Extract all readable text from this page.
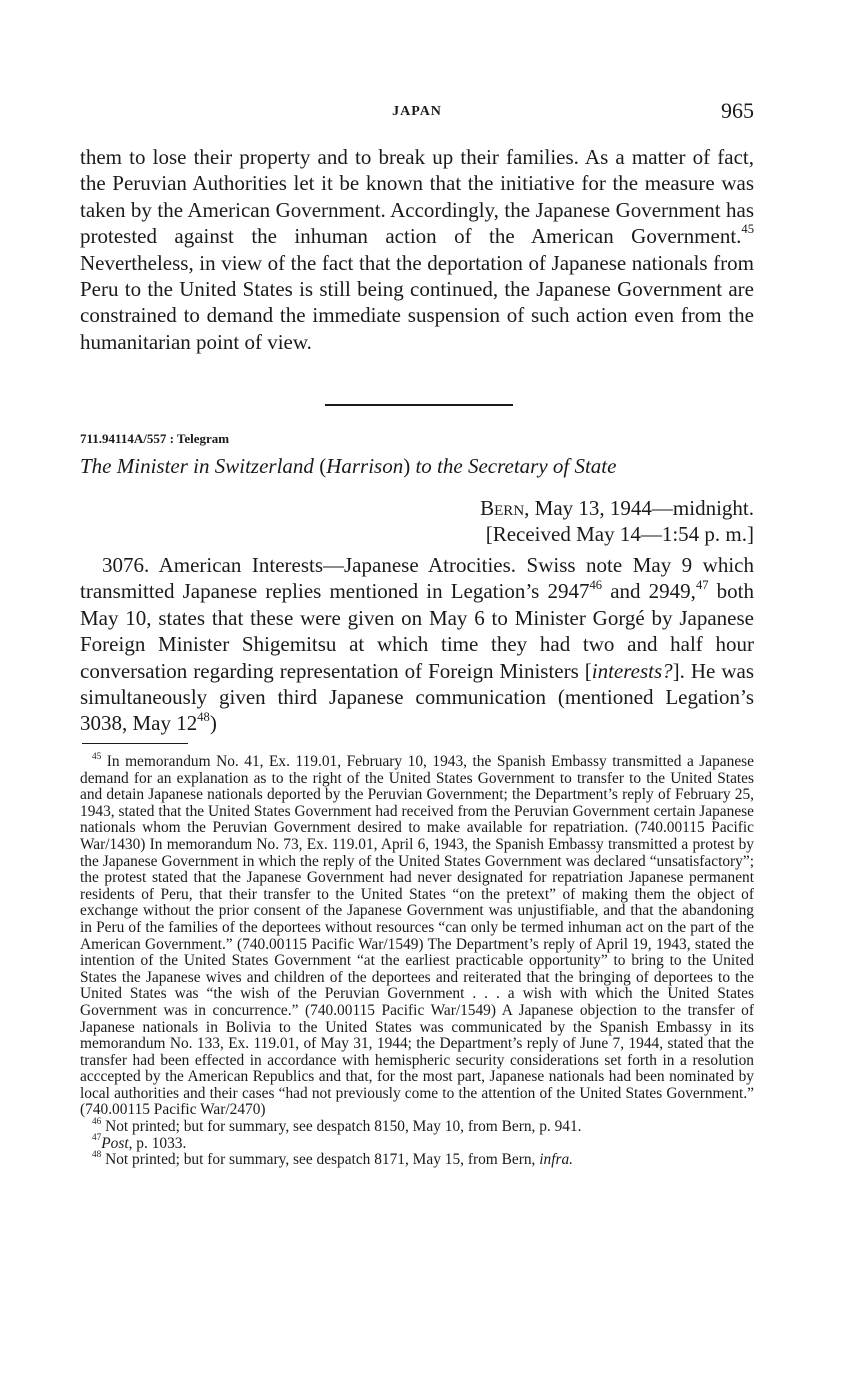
JAPAN	965

them to lose their property and to break up their families. As a matter of fact, the Peruvian Authorities let it be known that the initiative for the measure was taken by the American Government. Accordingly, the Japanese Government has protested against the inhuman action of the American Government.$^{45}$ Nevertheless, in view of the fact that the deportation of Japanese nationals from Peru to the United States is still being continued, the Japanese Government are constrained to demand the immediate suspension of such action even from the humanitarian point of view.

711.94114A/557 : Telegram
The Minister in Switzerland (Harrison) to the Secretary of State
Bern, May 13, 1944—midnight.
[Received May 14—1:54 p. m.]

3076. American Interests—Japanese Atrocities. Swiss note May 9 which transmitted Japanese replies mentioned in Legation’s 2947$^{46}$ and 2949,47 both May 10, states that these were given on May 6 to Minister Gorgé by Japanese Foreign Minister Shigemitsu at which time they had two and half hour conversation regarding representation of Foreign Ministers [interests?]. He was simultaneously given third Japanese communication (mentioned Legation’s 3038, May $12^{48}$)

$^{45}$ In memorandum No. 41, Ex. 119.01, February 10, 1943, the Spanish Embassy transmitted a Japanese demand for an explanation as to the right of the United States Government to transfer to the United States and detain Japanese nationals deported by the Peruvian Government; the Department’s reply of February 25, 1943, stated that the United States Government had received from the Peruvian Government certain Japanese nationals whom the Peruvian Government desired to make available for repatriation. (740.00115 Pacific War/1430) In memorandum No. 73, Ex. 119.01, April 6, 1943, the Spanish Embassy transmitted a protest by the Japanese Government in which the reply of the United States Government was declared “unsatisfactory”; the protest stated that the Japanese Government had never designated for repatriation Japanese permanent residents of Peru, that their transfer to the United States “on the pretext” of making them the object of exchange without the prior consent of the Japanese Government was unjustifiable, and that the abandoning in Peru of the families of the deportees without resources “can only be termed inhuman act on the part of the American Government.” (740.00115 Pacific War/1549) The Department’s reply of April 19, 1943, stated the intention of the United States Government “at the earliest practicable opportunity” to bring to the United States the Japanese wives and children of the deportees and reiterated that the bringing of deportees to the United States was “the wish of the Peruvian Government . . . a wish with which the United States Government was in concurrence.” (740.00115 Pacific War/1549) A Japanese objection to the transfer of Japanese nationals in Bolivia to the United States was communicated by the Spanish Embassy in its memorandum No. 133, Ex. 119.01, of May 31, 1944; the Department’s reply of June 7, 1944, stated that the transfer had been effected in accordance with hemispheric security considerations set forth in a resolution acccepted by the American Republics and that, for the most part, Japanese nationals had been nominated by local authorities and their cases “had not previously come to the attention of the United States Government.” (740.00115 Pacific War/2470)

$^{46}$ Not printed; but for summary, see despatch 8150, May 10, from Bern, p. 941.

$^{47}$Post, p. 1033.

$^{48}$ Not printed; but for summary, see despatch 8171, May 15, from Bern, infra.
